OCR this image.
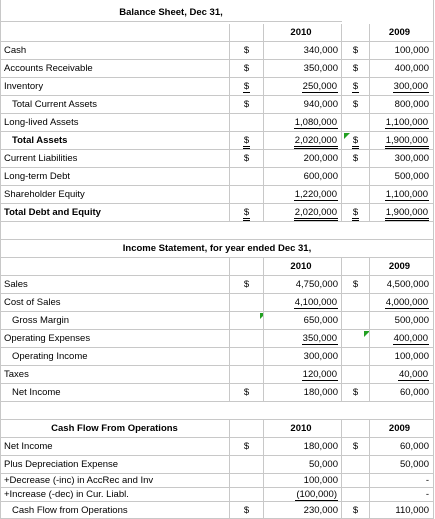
Balance Sheet, Dec 31,
2010	2009
Cash	$	340,000	$	100,000
Accounts Receivable	$	350,000	$	400,000
Inventory	$	250,000	$	300,000
Total Current Assets	$	940,000	$	800,000
Long-lived Assets	1,080,000	1,100,000
Total Assets	$	2,020,000	$	1,900,000
Current Liabilities	$	200,000	$	300,000
Long-term Debt	600,000	500,000
Shareholder Equity	1,220,000	1,100,000
Total Debt and Equity	$	2,020,000	$	1,900,000
Income Statement, for year ended Dec 31,
2010	2009
Sales	$	4,750,000	$	4,500,000
Cost of Sales	4,100,000	4,000,000
Gross Margin	650,000	500,000
Operating Expenses	350,000	400,000
Operating Income	300,000	100,000
Taxes	120,000	40,000
Net Income	$	180,000	$	60,000
Cash Flow From Operations	2010	2009
Net Income	$	180,000	$	60,000
Plus Depreciation Expense	50,000	50,000
+Decrease (-inc) in AccRec and Inv	100,000	-
+Increase (-dec) in Cur. Liabl.	(100,000)	-
Cash Flow from Operations	$	230,000	$	110,000
